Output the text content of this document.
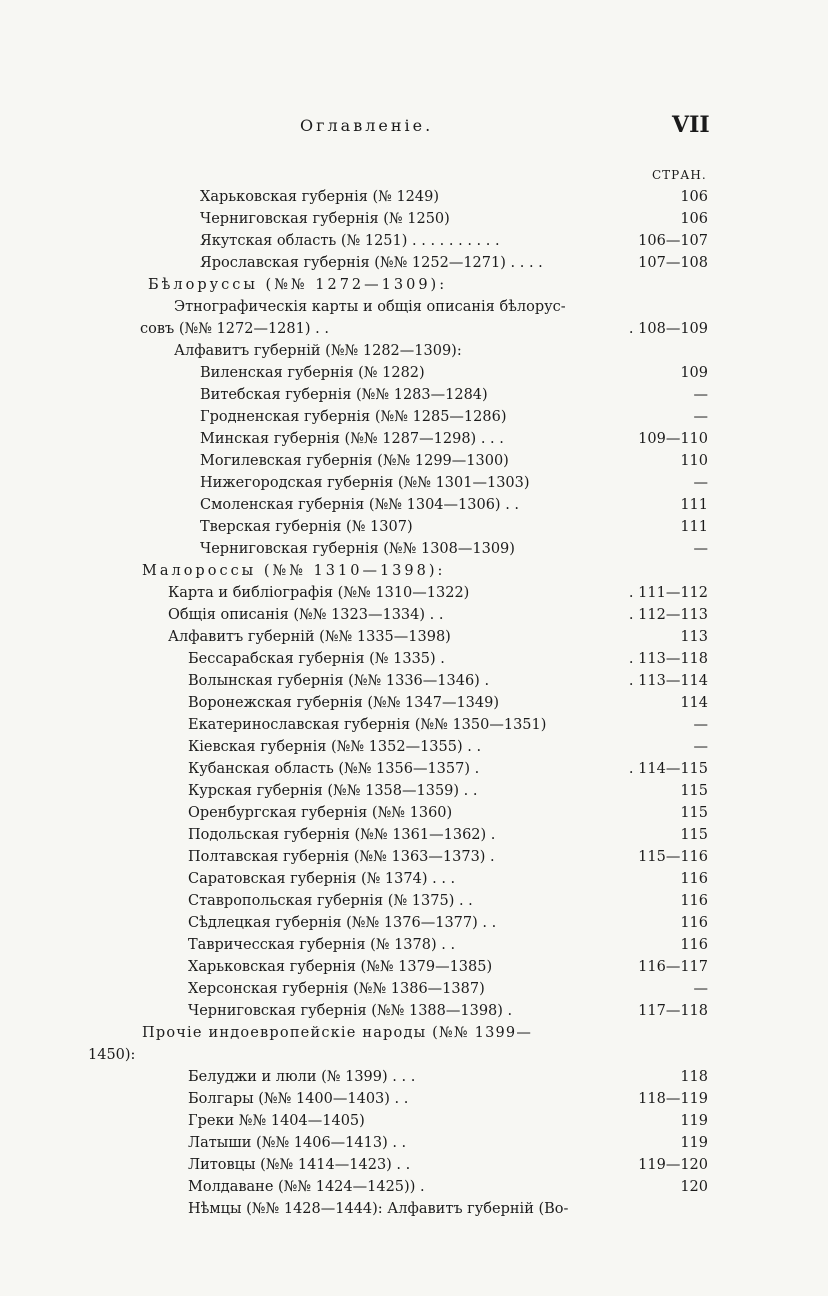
Оглавленіе.	VII
СТРАН.
Харьковская губернія (№ 1249)	106
Черниговская губернія (№ 1250)	106
Якутская область (№ 1251) . . . . . . . . . .	106—107
Ярославская губернія (№№ 1252—1271) . . . .	107—108
Бѣлоруссы (№№ 1272—1309):
Этнографическія карты и общія описанія бѣлорус-
совъ (№№ 1272—1281) . .	. 108—109
Алфавитъ губерній (№№ 1282—1309):
Виленская губернія (№ 1282)	109
Витебская губернія (№№ 1283—1284)	—
Гродненская губернія (№№ 1285—1286)	—
Минская губернія (№№ 1287—1298) . . .	109—110
Могилевская губернія (№№ 1299—1300)	110
Нижегородская губернія (№№ 1301—1303)	—
Смоленская губернія (№№ 1304—1306) . .	111
Тверская губернія (№ 1307)	111
Черниговская губернія (№№ 1308—1309)	—
Малороссы (№№ 1310—1398):
Карта и библіографія (№№ 1310—1322)	. 111—112
Общія описанія (№№ 1323—1334) . .	. 112—113
Алфавитъ губерній (№№ 1335—1398)	113
Бессарабская губернія (№ 1335) .	. 113—118
Волынская губернія (№№ 1336—1346) .	. 113—114
Воронежская губернія (№№ 1347—1349)	114
Екатеринославская губернія (№№ 1350—1351)	—
Кіевская губернія (№№ 1352—1355) . .	—
Кубанская область (№№ 1356—1357) .	. 114—115
Курская губернія (№№ 1358—1359) . .	115
Оренбургская губернія (№№ 1360)	115
Подольская губернія (№№ 1361—1362) .	115
Полтавская губернія (№№ 1363—1373) .	115—116
Саратовская губернія (№ 1374) . . .	116
Ставропольская губернія (№ 1375) . .	116
Сѣдлецкая губернія (№№ 1376—1377) . .	116
Тавричесская губернія (№ 1378) . .	116
Харьковская губернія (№№ 1379—1385)	116—117
Херсонская губернія (№№ 1386—1387)	—
Черниговская губернія (№№ 1388—1398) .	117—118
Прочіе индоевропейскіе народы (№№ 1399—
1450):
Белуджи и люли (№ 1399) . . .	118
Болгары (№№ 1400—1403) . .	118—119
Греки №№ 1404—1405)	119
Латыши (№№ 1406—1413) . .	119
Литовцы (№№ 1414—1423) . .	119—120
Молдаване (№№ 1424—1425)) .	120
Нѣмцы (№№ 1428—1444): Алфавитъ губерній (Во-
